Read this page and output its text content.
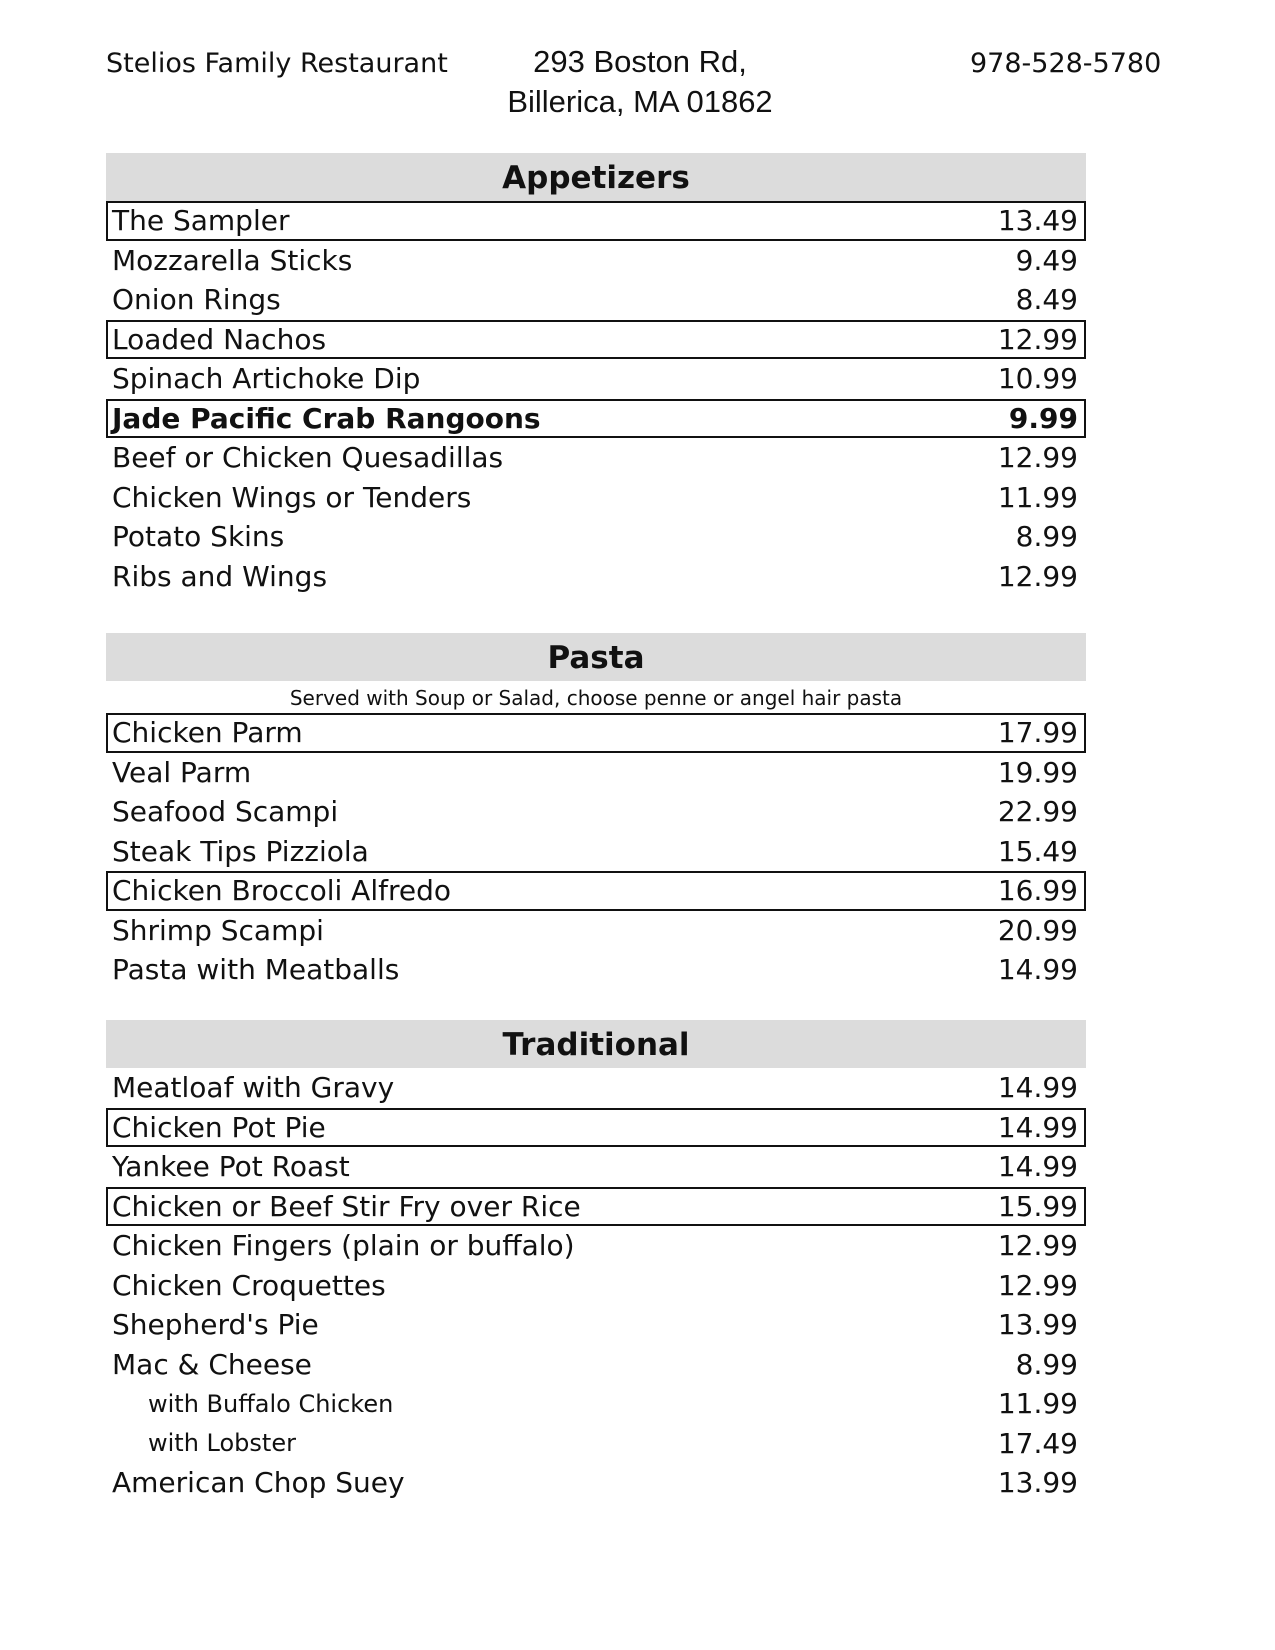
Stelios Family Restaurant	293 Boston Rd,
Billerica, MA 01862
978-528-5780
Appetizers
The Sampler	13.49
Mozzarella Sticks	9.49
Onion Rings	8.49
Loaded Nachos	12.99
Spinach Artichoke Dip	10.99
Jade Pacific Crab Rangoons	9.99
Beef or Chicken Quesadillas	12.99
Chicken Wings or Tenders	11.99
Potato Skins	8.99
Ribs and Wings	12.99
Pasta
Served with Soup or Salad, choose penne or angel hair pasta
Chicken Parm	17.99
Veal Parm	19.99
Seafood Scampi	22.99
Steak Tips Pizziola	15.49
Chicken Broccoli Alfredo	16.99
Shrimp Scampi	20.99
Pasta with Meatballs	14.99
Traditional
Meatloaf with Gravy	14.99
Chicken Pot Pie	14.99
Yankee Pot Roast	14.99
Chicken or Beef Stir Fry over Rice	15.99
Chicken Fingers (plain or buffalo)	12.99
Chicken Croquettes	12.99
Shepherd's Pie	13.99
Mac & Cheese	8.99
with Buffalo Chicken	11.99
with Lobster	17.49
American Chop Suey	13.99
